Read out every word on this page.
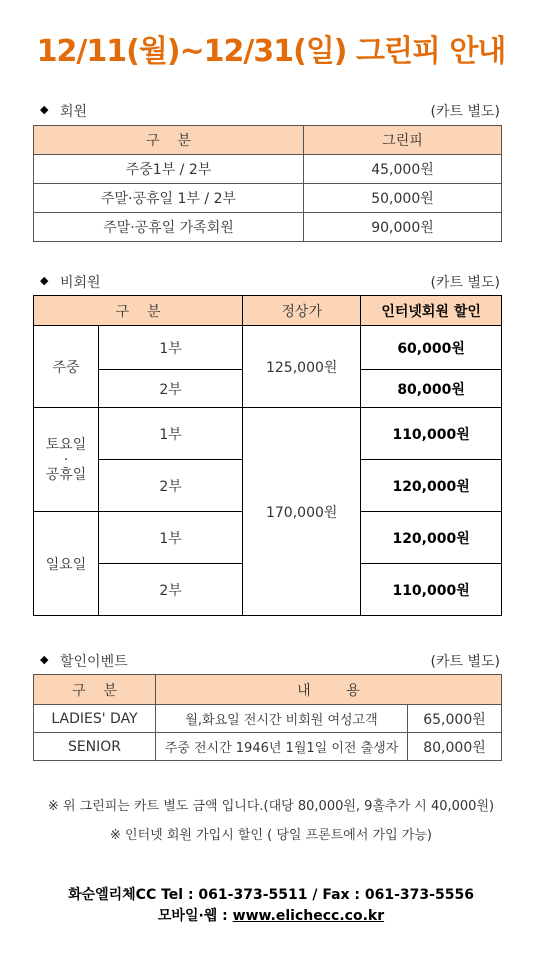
12/11(월)~12/31(일) 그린피 안내
◆ 회원	(카트 별도)
구    분	그린피
주중1부 / 2부	45,000원
주말·공휴일 1부 / 2부	50,000원
주말·공휴일 가족회원	90,000원
◆ 비회원	(카트 별도)
구    분		정상가	인터넷회원 할인
주중	1부	125,000원	60,000원
	2부		80,000원

토요일
·
공휴일	1부	170,000원	110,000원
	2부		120,000원
일요일	1부		120,000원
	2부		110,000원
◆ 할인이벤트	(카트 별도)
구    분	내        용	
LADIES' DAY	월,화요일 전시간 비회원 여성고객	65,000원
SENIOR	주중 전시간 1946년 1월1일 이전 출생자	80,000원
※ 위 그린피는 카트 별도 금액 입니다.(대당 80,000원, 9홀추가 시 40,000원)
※ 인터넷 회원 가입시 할인 ( 당일 프론트에서 가입 가능)
화순엘리체CC Tel : 061-373-5511 / Fax : 061-373-5556
모바일·웹 : www.elichecc.co.kr
